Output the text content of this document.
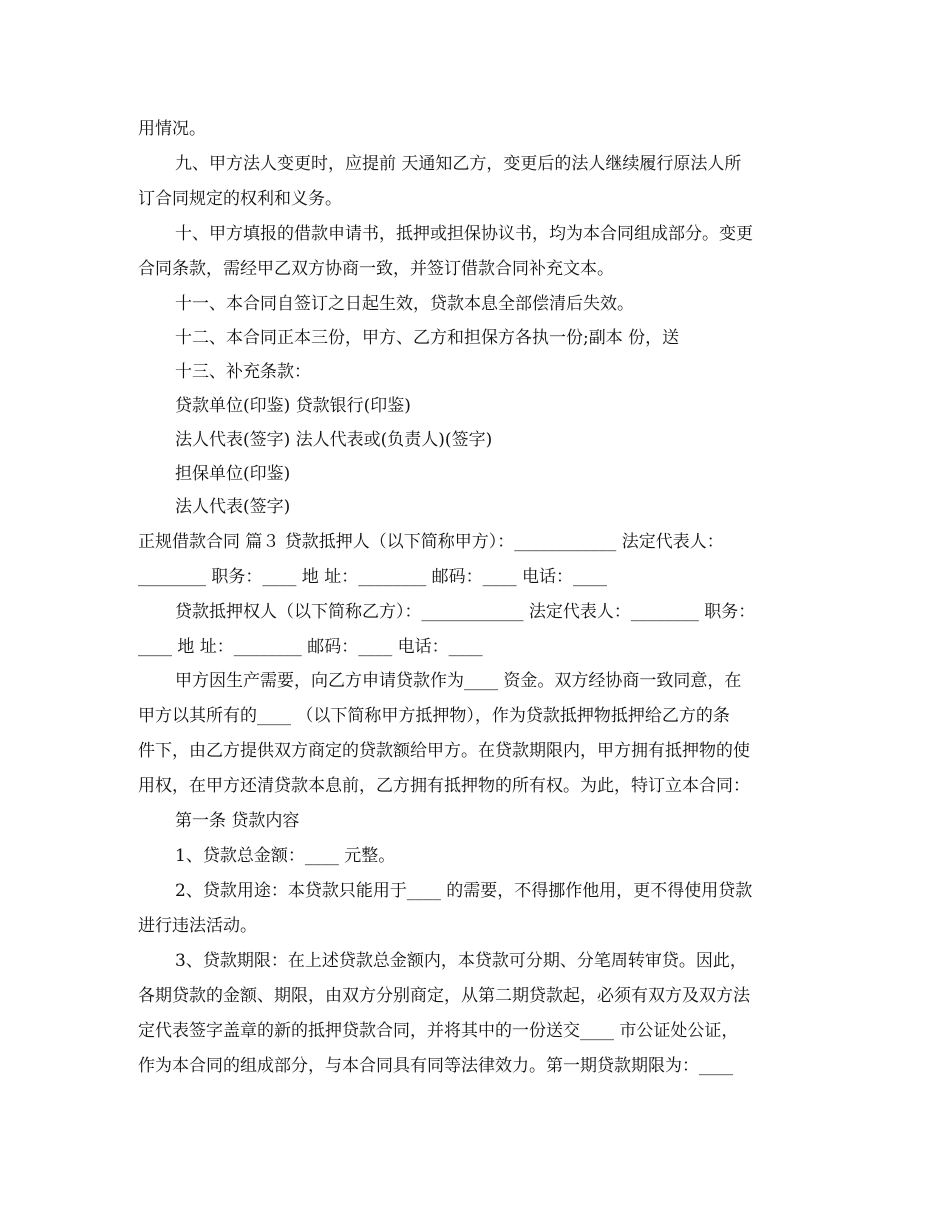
用情况。
九、甲方法人变更时，应提前 天通知乙方，变更后的法人继续履行原法人所
订合同规定的权利和义务。
十、甲方填报的借款申请书，抵押或担保协议书，均为本合同组成部分。变更
合同条款，需经甲乙双方协商一致，并签订借款合同补充文本。
十一、本合同自签订之日起生效，贷款本息全部偿清后失效。
十二、本合同正本三份，甲方、乙方和担保方各执一份;副本 份，送
十三、补充条款：
贷款单位(印鉴) 贷款银行(印鉴)
法人代表(签字) 法人代表或(负责人)(签字)
担保单位(印鉴)
法人代表(签字)
正规借款合同 篇３ 贷款抵押人（以下简称甲方）：____________ 法定代表人：
________ 职务：____ 地 址：________ 邮码：____ 电话：____
贷款抵押权人（以下简称乙方）：____________ 法定代表人：________ 职务：
____ 地 址：________ 邮码：____ 电话：____
甲方因生产需要，向乙方申请贷款作为____ 资金。双方经协商一致同意，在
甲方以其所有的____ （以下简称甲方抵押物），作为贷款抵押物抵押给乙方的条
件下，由乙方提供双方商定的贷款额给甲方。在贷款期限内，甲方拥有抵押物的使
用权，在甲方还清贷款本息前，乙方拥有抵押物的所有权。为此，特订立本合同：
第一条 贷款内容
1、贷款总金额：____ 元整。
2、贷款用途：本贷款只能用于____ 的需要，不得挪作他用，更不得使用贷款
进行违法活动。
3、贷款期限：在上述贷款总金额内，本贷款可分期、分笔周转审贷。因此，
各期贷款的金额、期限，由双方分别商定，从第二期贷款起，必须有双方及双方法
定代表签字盖章的新的抵押贷款合同，并将其中的一份送交____ 市公证处公证，
作为本合同的组成部分，与本合同具有同等法律效力。第一期贷款期限为：____
